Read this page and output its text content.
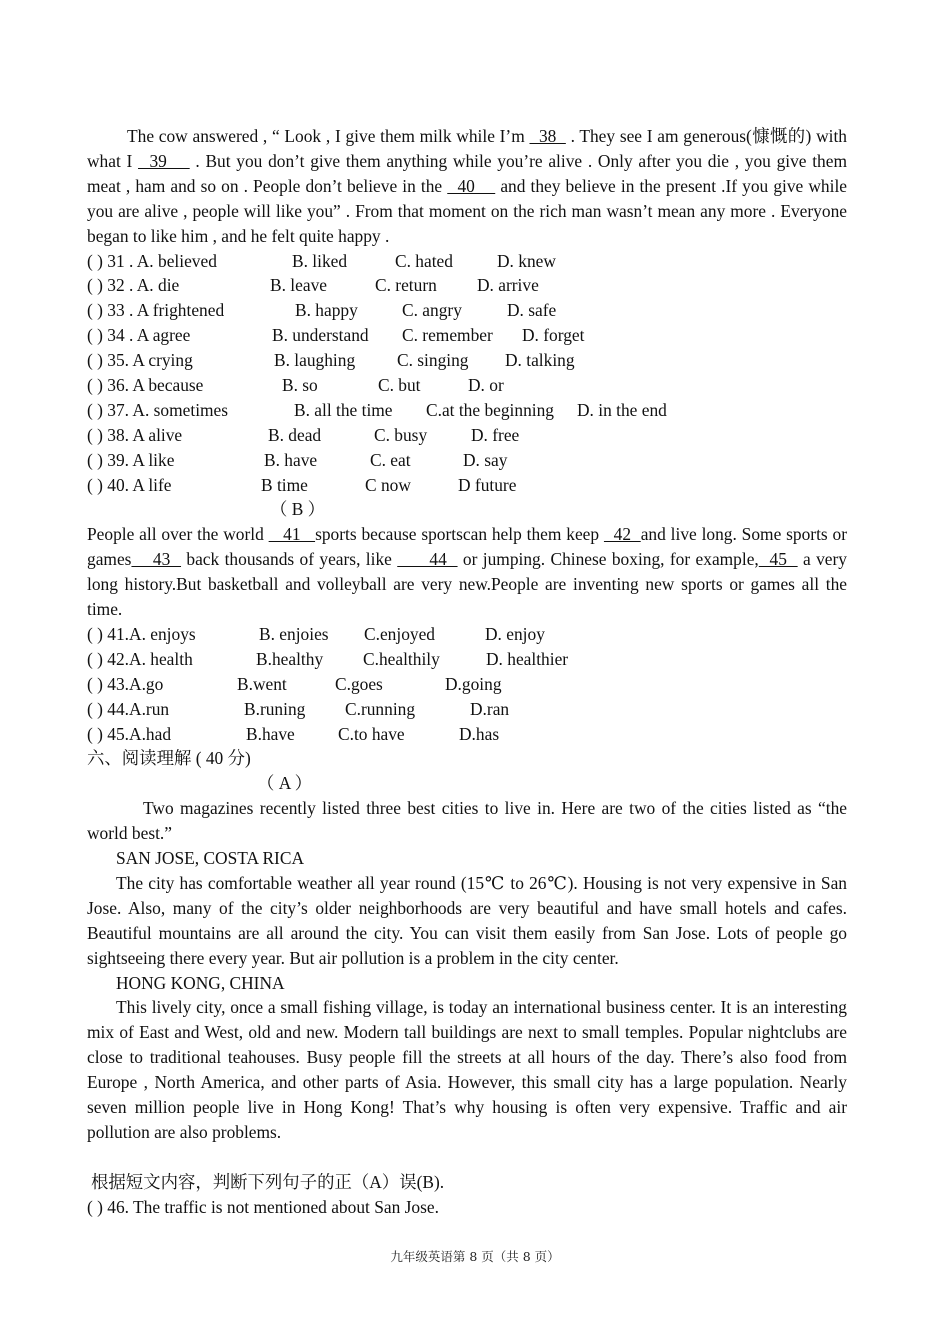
The cow answered , “ Look , I give them milk while I’m   38   . They see I am generous(慷慨的) with what I   39     . But you don’t give them anything while you’re alive . Only after you die , you give them meat , ham and so on . People don’t believe in the   40     and they believe in the present .If you give while you are alive , people will like you” . From that moment on the rich man wasn’t mean any more . Everyone began to like him , and he felt quite happy .

( ) 31 . A. believed	B. liked	C. hated	D. knew
( ) 32 . A. die	B. leave	C. return D. arrive
( ) 33 . A frightened	B. happy	C. angry	D. safe
( ) 34 . A agree	B. understand C. remember D. forget
( ) 35. A crying	B. laughing C. singing D. talking
( ) 36. A because	B. so	C. but	D. or
( ) 37. A. sometimes	B. all the time C.at the beginning D. in the end
( ) 38. A alive	B. dead	C. busy	D. free
( ) 39. A like	B. have	C. eat	D. say
( ) 40. A life	B time	C now	D future
（ B ）

People all over the world    41   sports because sportscan help them keep   42  and live long. Some sports or games    43   back thousands of years, like       44   or jumping. Chinese boxing, for example,  45   a very long history.But basketball and volleyball are very new.People are inventing new sports or games all the time.

( ) 41.A. enjoys	B. enjoies C.enjoyed	D. enjoy
( ) 42.A. health	B.healthy C.healthily	D. healthier
( ) 43.A.go	B.went	C.goes	D.going
( ) 44.A.run	B.runing C.running	D.ran
( ) 45.A.had	B.have C.to have	D.has
六、阅读理解 ( 40 分)
（ A ）

Two magazines recently listed three best cities to live in. Here are two of the cities listed as “the world best.”

SAN JOSE, COSTA RICA

The city has comfortable weather all year round (15℃ to 26℃). Housing is not very expensive in San Jose. Also, many of the city’s older neighborhoods are very beautiful and have small hotels and cafes. Beautiful mountains are all around the city. You can visit them easily from San Jose. Lots of people go sightseeing there every year. But air pollution is a problem in the city center.

HONG KONG, CHINA

This lively city, once a small fishing village, is today an international business center. It is an interesting mix of East and West, old and new. Modern tall buildings are next to small temples. Popular nightclubs are close to traditional teahouses. Busy people fill the streets at all hours of the day. There’s also food from Europe , North America, and other parts of Asia. However, this small city has a large population. Nearly seven million people live in Hong Kong! That’s why housing is often very expensive. Traffic and air pollution are also problems.

根据短文内容，判断下列句子的正（A）误(B).
( ) 46. The traffic is not mentioned about San Jose.
九年级英语第 8 页（共 8 页）
